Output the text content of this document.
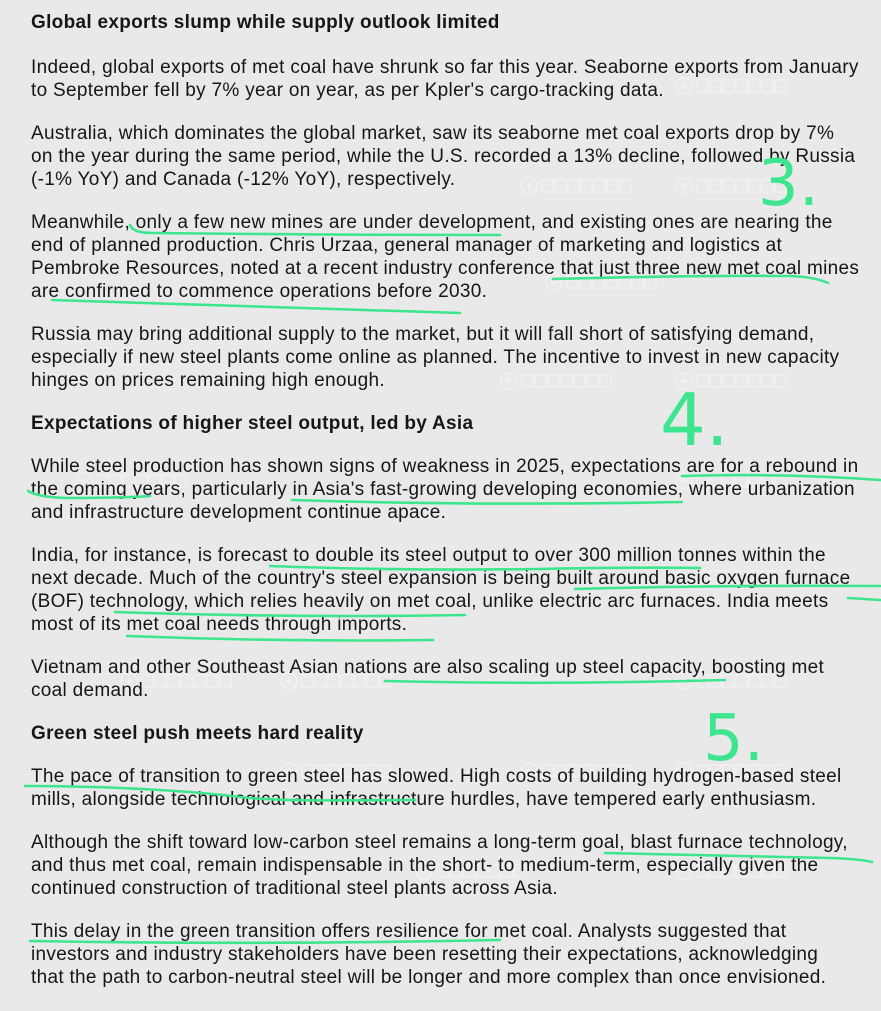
Global exports slump while supply outlook limited

Indeed, global exports of met coal have shrunk so far this year. Seaborne exports from January
to September fell by 7% year on year, as per Kpler's cargo-tracking data.

Australia, which dominates the global market, saw its seaborne met coal exports drop by 7%
on the year during the same period, while the U.S. recorded a 13% decline, followed by Russia
(-1% YoY) and Canada (-12% YoY), respectively.

Meanwhile, only a few new mines are under development, and existing ones are nearing the
end of planned production. Chris Urzaa, general manager of marketing and logistics at
Pembroke Resources, noted at a recent industry conference that just three new met coal mines
are confirmed to commence operations before 2030.

Russia may bring additional supply to the market, but it will fall short of satisfying demand,
especially if new steel plants come online as planned. The incentive to invest in new capacity
hinges on prices remaining high enough.

Expectations of higher steel output, led by Asia

While steel production has shown signs of weakness in 2025, expectations are for a rebound in
the coming years, particularly in Asia's fast-growing developing economies, where urbanization
and infrastructure development continue apace.

India, for instance, is forecast to double its steel output to over 300 million tonnes within the
next decade. Much of the country's steel expansion is being built around basic oxygen furnace
(BOF) technology, which relies heavily on met coal, unlike electric arc furnaces. India meets
most of its met coal needs through imports.

Vietnam and other Southeast Asian nations are also scaling up steel capacity, boosting met
coal demand.

Green steel push meets hard reality

The pace of transition to green steel has slowed. High costs of building hydrogen-based steel
mills, alongside technological and infrastructure hurdles, have tempered early enthusiasm.

Although the shift toward low-carbon steel remains a long-term goal, blast furnace technology,
and thus met coal, remain indispensable in the short- to medium-term, especially given the
continued construction of traditional steel plants across Asia.

This delay in the green transition offers resilience for met coal. Analysts suggested that
investors and industry stakeholders have been resetting their expectations, acknowledging
that the path to carbon-neutral steel will be longer and more complex than once envisioned.

3.
4.
5.
